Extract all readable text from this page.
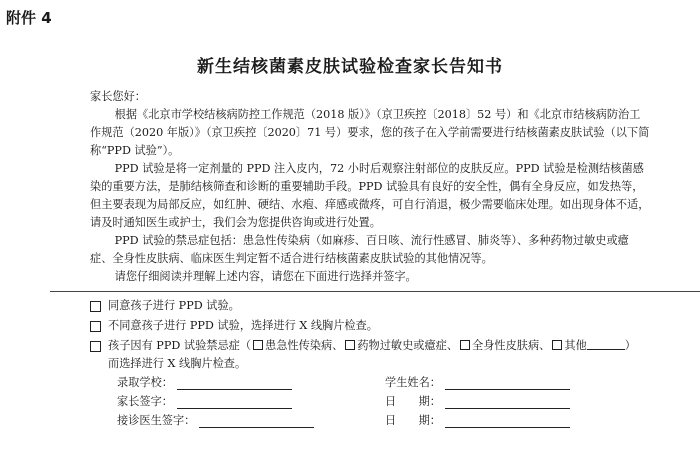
附件 4
新生结核菌素皮肤试验检查家长告知书

家长您好：

根据《北京市学校结核病防控工作规范（2018 版）》（京卫疾控〔2018〕52 号）和《北京市结核病防治工作规范（2020 年版）》（京卫疾控〔2020〕71 号）要求，您的孩子在入学前需要进行结核菌素皮肤试验（以下简称“PPD 试验”）。

PPD 试验是将一定剂量的 PPD 注入皮内，72 小时后观察注射部位的皮肤反应。PPD 试验是检测结核菌感染的重要方法，是肺结核筛查和诊断的重要辅助手段。PPD 试验具有良好的安全性，偶有全身反应，如发热等，但主要表现为局部反应，如红肿、硬结、水疱、痒感或微疼，可自行消退，极少需要临床处理。如出现身体不适，请及时通知医生或护士，我们会为您提供咨询或进行处置。

PPD 试验的禁忌症包括：患急性传染病（如麻疹、百日咳、流行性感冒、肺炎等）、多种药物过敏史或癔症、全身性皮肤病、临床医生判定暂不适合进行结核菌素皮肤试验的其他情况等。

请您仔细阅读并理解上述内容，请您在下面进行选择并签字。

同意孩子进行 PPD 试验。
不同意孩子进行 PPD 试验，选择进行 X 线胸片检查。
孩子因有 PPD 试验禁忌症（ 患急性传染病、 药物过敏史或癔症、 全身性皮肤病、 其他	）
而选择进行 X 线胸片检查。
录取学校：	学生姓名：
家长签字：	日　　期：
接诊医生签字：	日　　期：
